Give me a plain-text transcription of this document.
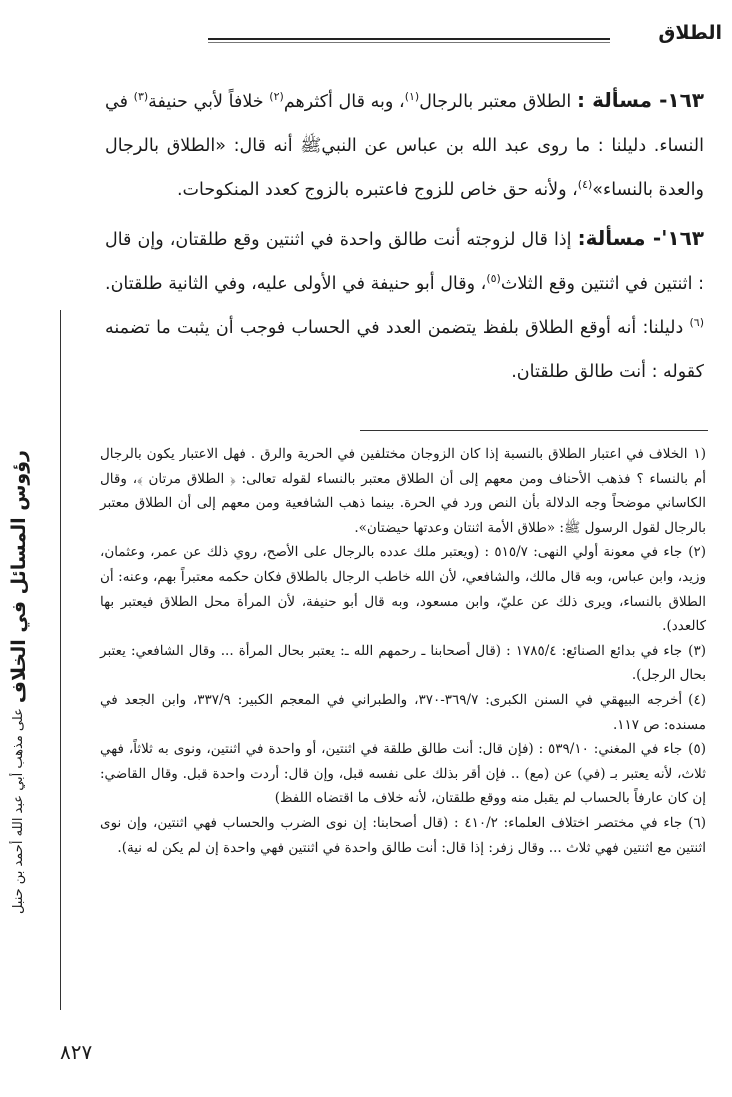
الطلاق
رؤوس المسائل في الخلاف على مذهب أبي عبد الله أحمد بن حنبل

١٦٣- مسألة : الطلاق معتبر بالرجال$^{(١)}$، وبه قال أكثرهم$^{(٢)}$ خلافاً لأبي حنيفة$^{(٣)}$ في النساء. دليلنا : ما روى عبد الله بن عباس عن النبيﷺ أنه قال: «الطلاق بالرجال والعدة بالنساء»$^{(٤)}$، ولأنه حق خاص للزوج فاعتبره بالزوج كعدد المنكوحات.

١٦٣'- مسألة: إذا قال لزوجته أنت طالق واحدة في اثنتين وقع طلقتان، وإن قال : اثنتين في اثنتين وقع الثلاث$^{(٥)}$، وقال أبو حنيفة في الأولى عليه، وفي الثانية طلقتان.$^{(٦)}$ دليلنا: أنه أوقع الطلاق بلفظ يتضمن العدد في الحساب فوجب أن يثبت ما تضمنه كقوله : أنت طالق طلقتان.

(١الخلاف في اعتبار الطلاق بالنسبة إذا كان الزوجان مختلفين في الحرية والرق . فهل الاعتبار يكون بالرجال أم بالنساء ؟ فذهب الأحناف ومن معهم إلى أن الطلاق معتبر بالنساء لقوله تعالى: ﴿ الطلاق مرتان ﴾، وقال الكاساني موضحاً وجه الدلالة بأن النص ورد في الحرة. بينما ذهب الشافعية ومن معهم إلى أن الطلاق معتبر بالرجال لقول الرسول ﷺ: «طلاق الأمة اثنتان وعدتها حيضتان».
(٢)جاء في معونة أولي النهى: ٥١٥/٧ : (ويعتبر ملك عدده بالرجال على الأصح، روي ذلك عن عمر، وعثمان، وزيد، وابن عباس، وبه قال مالك، والشافعي، لأن الله خاطب الرجال بالطلاق فكان حكمه معتبراً بهم، وعنه: أن الطلاق بالنساء، ويرى ذلك عن عليّ، وابن مسعود، وبه قال أبو حنيفة، لأن المرأة محل الطلاق فيعتبر بها كالعدد).
(٣)جاء في بدائع الصنائع: ١٧٨٥/٤ : (قال أصحابنا ـ رحمهم الله ـ: يعتبر بحال المرأة ... وقال الشافعي: يعتبر بحال الرجل).
(٤)أخرجه البيهقي في السنن الكبرى: ٣٦٩/٧-٣٧٠، والطبراني في المعجم الكبير: ٣٣٧/٩، وابن الجعد في مسنده: ص ١١٧.
(٥)جاء في المغني: ٥٣٩/١٠ : (فإن قال: أنت طالق طلقة في اثنتين، أو واحدة في اثنتين، ونوى به ثلاثاً، فهي ثلاث، لأنه يعتبر بـ (في) عن (مع) .. فإن أقر بذلك على نفسه قبل، وإن قال: أردت واحدة قبل. وقال القاضي: إن كان عارفاً بالحساب لم يقبل منه ووقع طلقتان، لأنه خلاف ما اقتضاه اللفظ)
(٦)جاء في مختصر اختلاف العلماء: ٤١٠/٢ : (قال أصحابنا: إن نوى الضرب والحساب فهي اثنتين، وإن نوى اثنتين مع اثنتين فهي ثلاث ... وقال زفر: إذا قال: أنت طالق واحدة في اثنتين فهي واحدة إن لم يكن له نية).
٨٢٧
